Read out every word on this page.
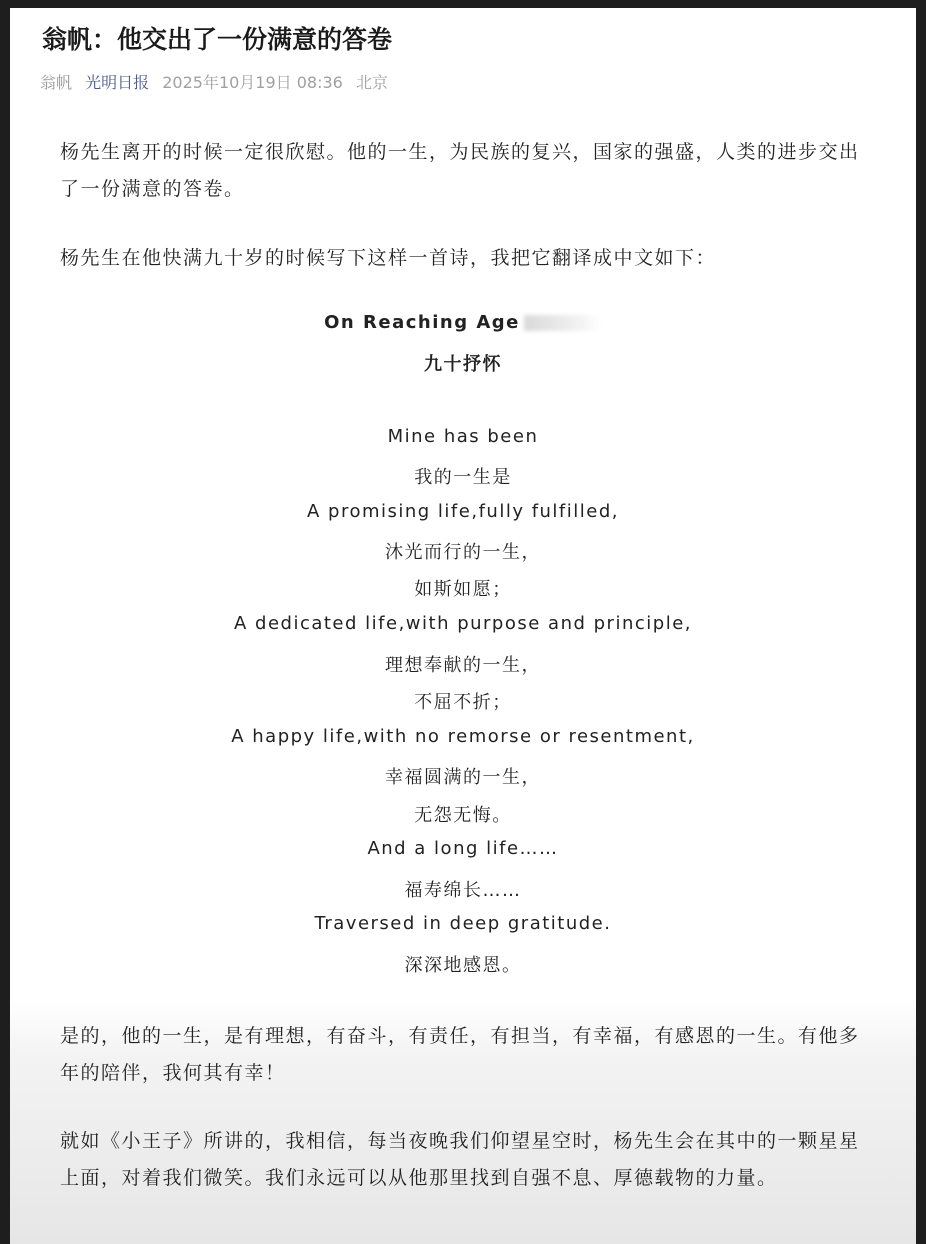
翁帆：他交出了一份满意的答卷
翁帆 光明日报 2025年10月19日 08:36 北京
杨先生离开的时候一定很欣慰。他的一生，为民族的复兴，国家的强盛，人类的进步交出了一份满意的答卷。
杨先生在他快满九十岁的时候写下这样一首诗，我把它翻译成中文如下：
On Reaching Age
九十抒怀
Mine has been
我的一生是
A promising life,fully fulfilled,
沐光而行的一生，
如斯如愿；
A dedicated life,with purpose and principle,
理想奉献的一生，
不屈不折；
A happy life,with no remorse or resentment,
幸福圆满的一生，
无怨无悔。
And a long life……
福寿绵长……
Traversed in deep gratitude.
深深地感恩。
是的，他的一生，是有理想，有奋斗，有责任，有担当，有幸福，有感恩的一生。有他多年的陪伴，我何其有幸！
就如《小王子》所讲的，我相信，每当夜晚我们仰望星空时，杨先生会在其中的一颗星星上面，对着我们微笑。我们永远可以从他那里找到自强不息、厚德载物的力量。
